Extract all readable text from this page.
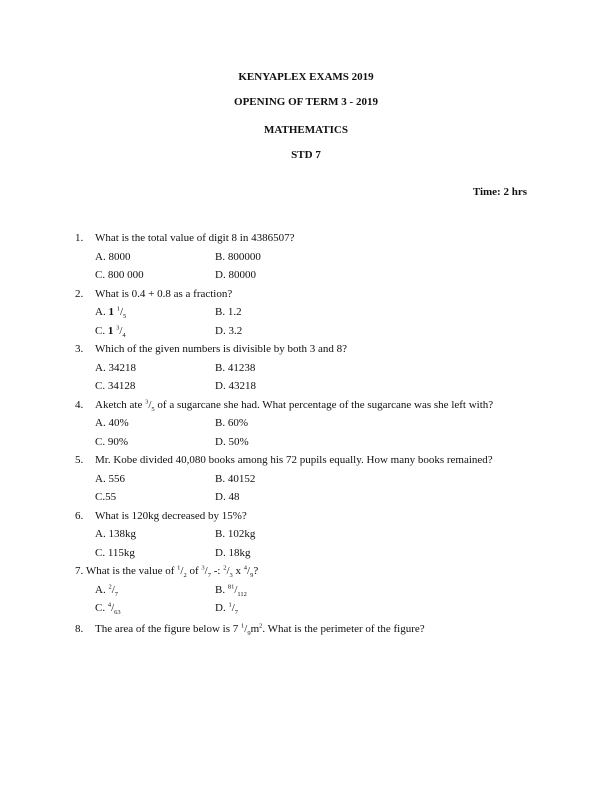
KENYAPLEX EXAMS 2019
OPENING OF TERM 3 - 2019
MATHEMATICS
STD 7
Time: 2 hrs
1. What is the total value of digit 8 in 4386507?
A. 8000	B. 800000
C. 800 000	D. 80000
2. What is 0.4 + 0.8 as a fraction?
A. 1 $^1/_5$	B. 1.2
C. 1 $^3/_4$	D. 3.2
3. Which of the given numbers is divisible by both 3 and 8?
A. 34218	B. 41238
C. 34128	D. 43218
4. Aketch ate $^3/_5$ of a sugarcane she had. What percentage of the sugarcane was she left with?
A. 40%	B. 60%
C. 90%	D. 50%
5. Mr. Kobe divided 40,080 books among his 72 pupils equally. How many books remained?
A. 556	B. 40152
C.55	D. 48
6. What is 120kg decreased by 15%?
A. 138kg	B. 102kg
C. 115kg	D. 18kg
7. What is the value of $^1/_2$ of $^3/_7$ -: $^2/_3$ x $^4/_9$?
A. $^2/_7$	B. $^{81}/_{112}$
C. $^4/_{63}$	D. $^1/_7$
8. The area of the figure below is 7 $^1/_9m^2$. What is the perimeter of the figure?
